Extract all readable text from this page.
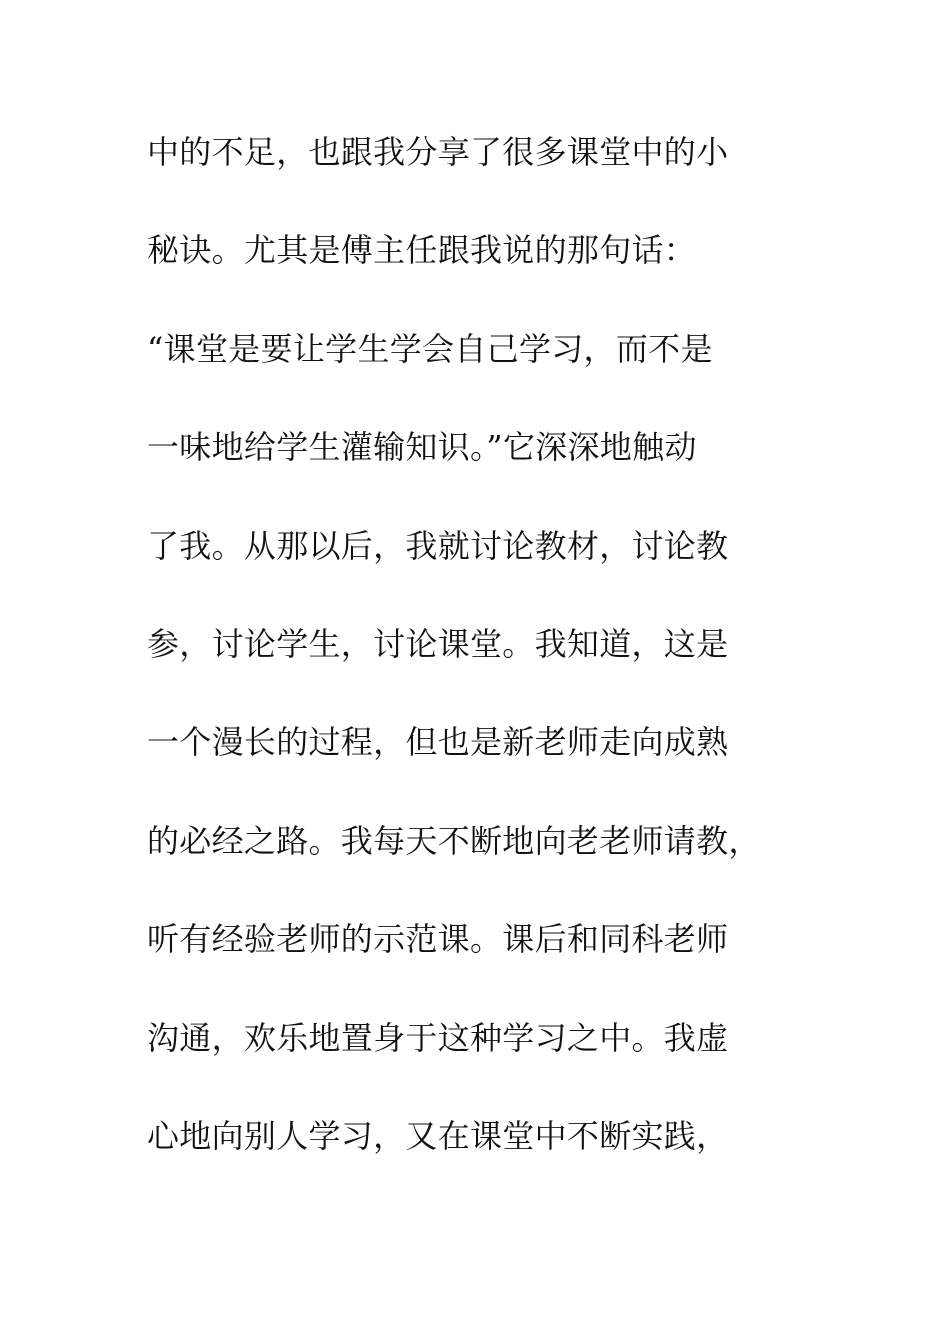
中的不足，也跟我分享了很多课堂中的小
秘诀。尤其是傅主任跟我说的那句话：
“课堂是要让学生学会自己学习，而不是
一味地给学生灌输知识。”它深深地触动
了我。从那以后，我就讨论教材，讨论教
参，讨论学生，讨论课堂。我知道，这是
一个漫长的过程，但也是新老师走向成熟
的必经之路。我每天不断地向老老师请教，
听有经验老师的示范课。课后和同科老师
沟通，欢乐地置身于这种学习之中。我虚
心地向别人学习，又在课堂中不断实践，
